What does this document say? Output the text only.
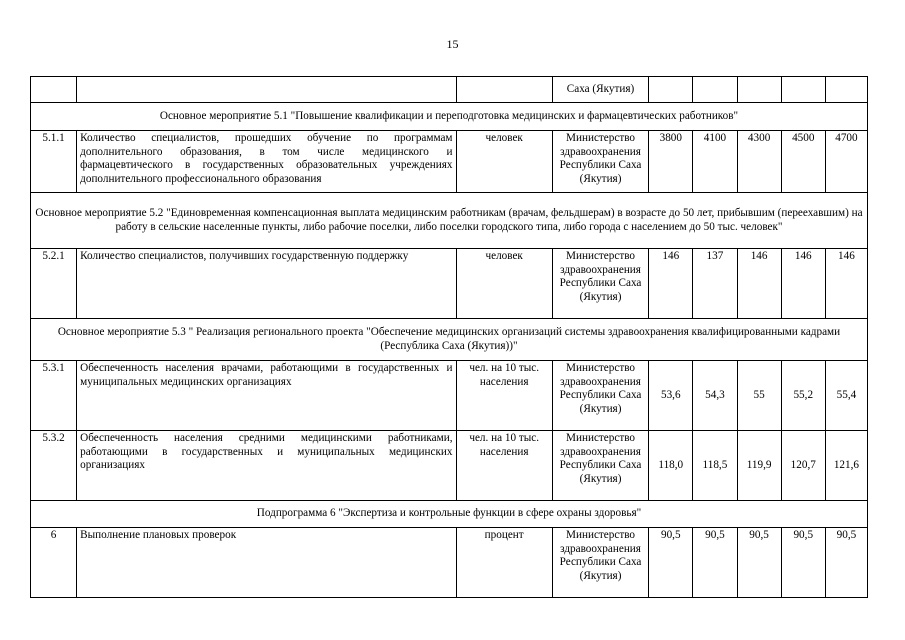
15
			Саха (Якутия)					
Основное мероприятие 5.1 "Повышение квалификации и переподготовка медицинских и фармацевтических работников"								
5.1.1	Количество специалистов, прошедших обучение по программам дополнительного образования, в том числе медицинского и фармацевтического в государственных образовательных учреждениях дополнительного профессионального образования	человек	Министерство здравоохранения Республики Саха (Якутия)	3800	4100	4300	4500	4700
Основное мероприятие 5.2 "Единовременная компенсационная выплата медицинским работникам (врачам, фельдшерам) в возрасте до 50 лет, прибывшим (переехавшим) на работу в сельские населенные пункты, либо рабочие поселки, либо поселки городского типа, либо города с населением до 50 тыс. человек"								
5.2.1	Количество специалистов, получивших государственную поддержку	человек	Министерство здравоохранения Республики Саха (Якутия)	146	137	146	146	146
Основное мероприятие 5.3 " Реализация регионального проекта "Обеспечение медицинских организаций системы здравоохранения квалифицированными кадрами (Республика Саха (Якутия))"								
5.3.1	Обеспеченность населения врачами, работающими в государственных и муниципальных медицинских организациях	чел. на 10 тыс. населения	Министерство здравоохранения Республики Саха (Якутия)	53,6	54,3	55	55,2	55,4
5.3.2	Обеспеченность населения средними медицинскими работниками, работающими в государственных и муниципальных медицинских организациях	чел. на 10 тыс. населения	Министерство здравоохранения Республики Саха (Якутия)	118,0	118,5	119,9	120,7	121,6
Подпрограмма 6 "Экспертиза и контрольные функции в сфере охраны здоровья"								
6	Выполнение плановых проверок	процент	Министерство здравоохранения Республики Саха (Якутия)	90,5	90,5	90,5	90,5	90,5
